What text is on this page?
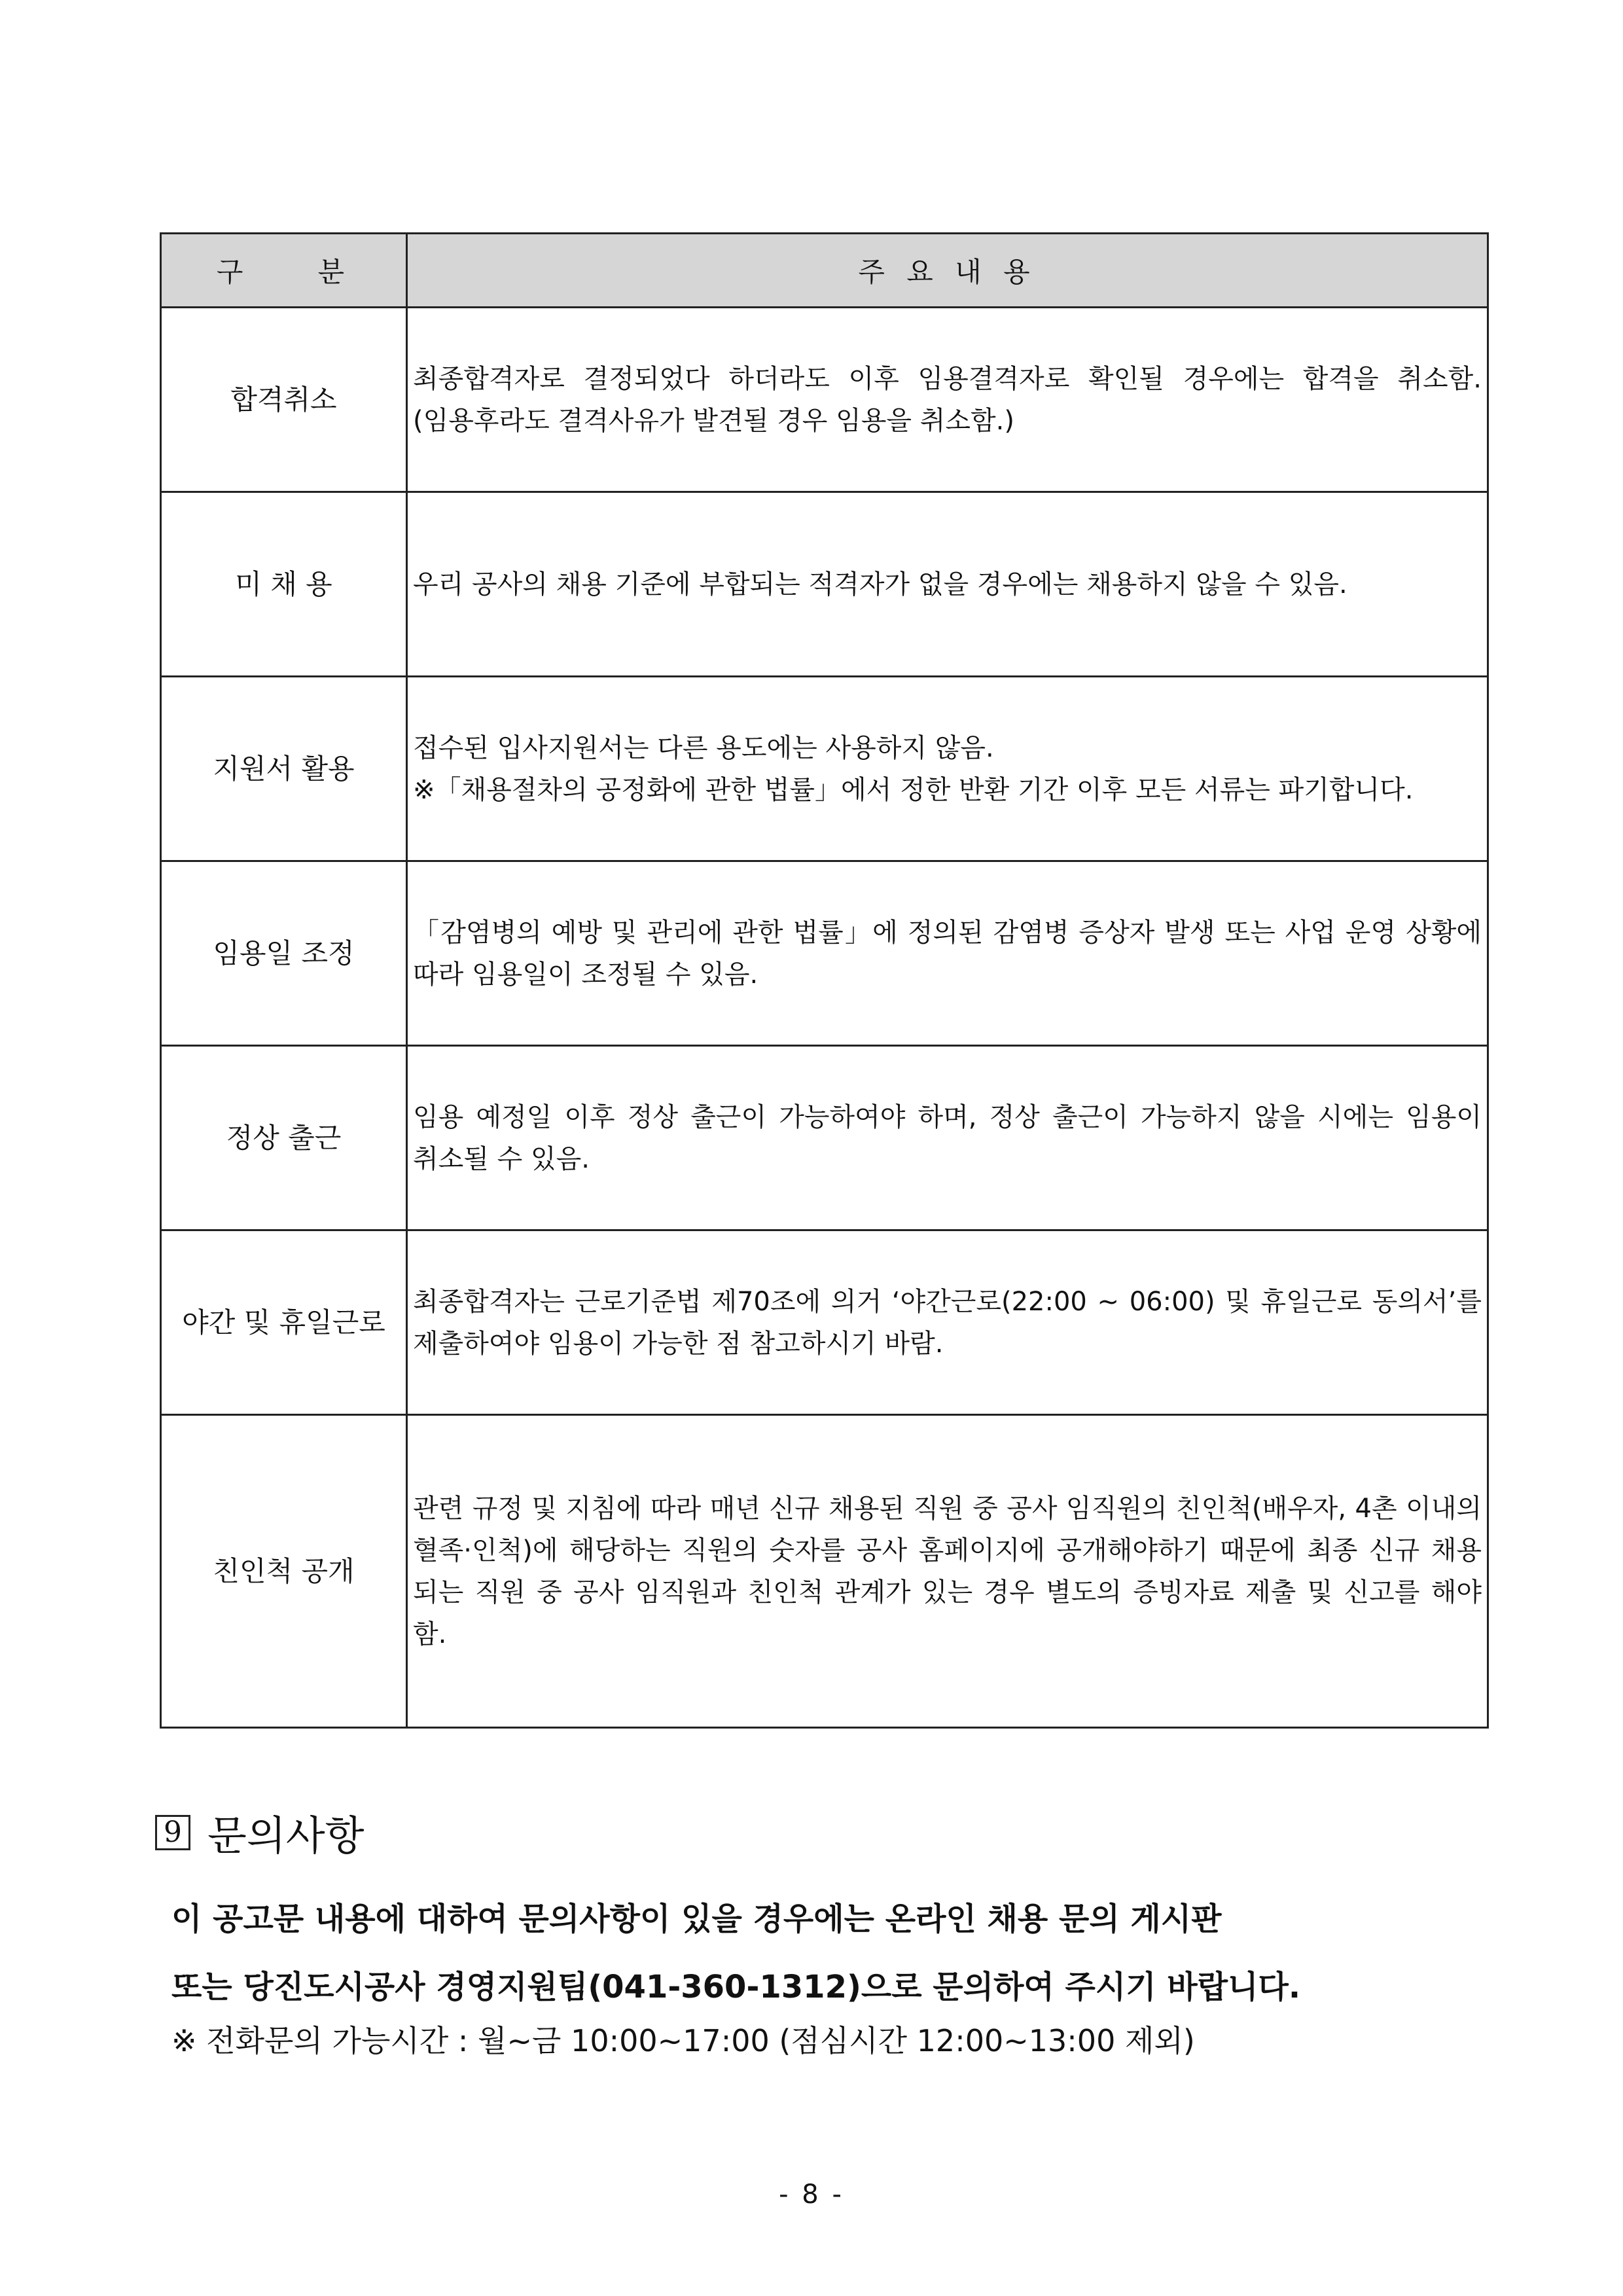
구　　분	주 요 내 용
합격취소	최종합격자로 결정되었다 하더라도 이후 임용결격자로 확인될 경우에는 합격을 취소함. (임용후라도 결격사유가 발견될 경우 임용을 취소함.)
미 채 용	우리 공사의 채용 기준에 부합되는 적격자가 없을 경우에는 채용하지 않을 수 있음.
지원서 활용	접수된 입사지원서는 다른 용도에는 사용하지 않음.
※「채용절차의 공정화에 관한 법률」에서 정한 반환 기간 이후 모든 서류는 파기합니다.
임용일 조정	「감염병의 예방 및 관리에 관한 법률」에 정의된 감염병 증상자 발생 또는 사업 운영 상황에 따라 임용일이 조정될 수 있음.
정상 출근	임용 예정일 이후 정상 출근이 가능하여야 하며, 정상 출근이 가능하지 않을 시에는 임용이 취소될 수 있음.
야간 및 휴일근로	최종합격자는 근로기준법 제70조에 의거 ‘야간근로(22:00 ~ 06:00) 및 휴일근로 동의서’를 제출하여야 임용이 가능한 점 참고하시기 바람.
친인척 공개	관련 규정 및 지침에 따라 매년 신규 채용된 직원 중 공사 임직원의 친인척(배우자, 4촌 이내의 혈족·인척)에 해당하는 직원의 숫자를 공사 홈페이지에 공개해야하기 때문에 최종 신규 채용 되는 직원 중 공사 임직원과 친인척 관계가 있는 경우 별도의 증빙자료 제출 및 신고를 해야 함.
9 문의사항
이 공고문 내용에 대하여 문의사항이 있을 경우에는 온라인 채용 문의 게시판
또는 당진도시공사 경영지원팀(041-360-1312)으로 문의하여 주시기 바랍니다.
※ 전화문의 가능시간 : 월~금 10:00~17:00 (점심시간 12:00~13:00 제외)
- 8 -
